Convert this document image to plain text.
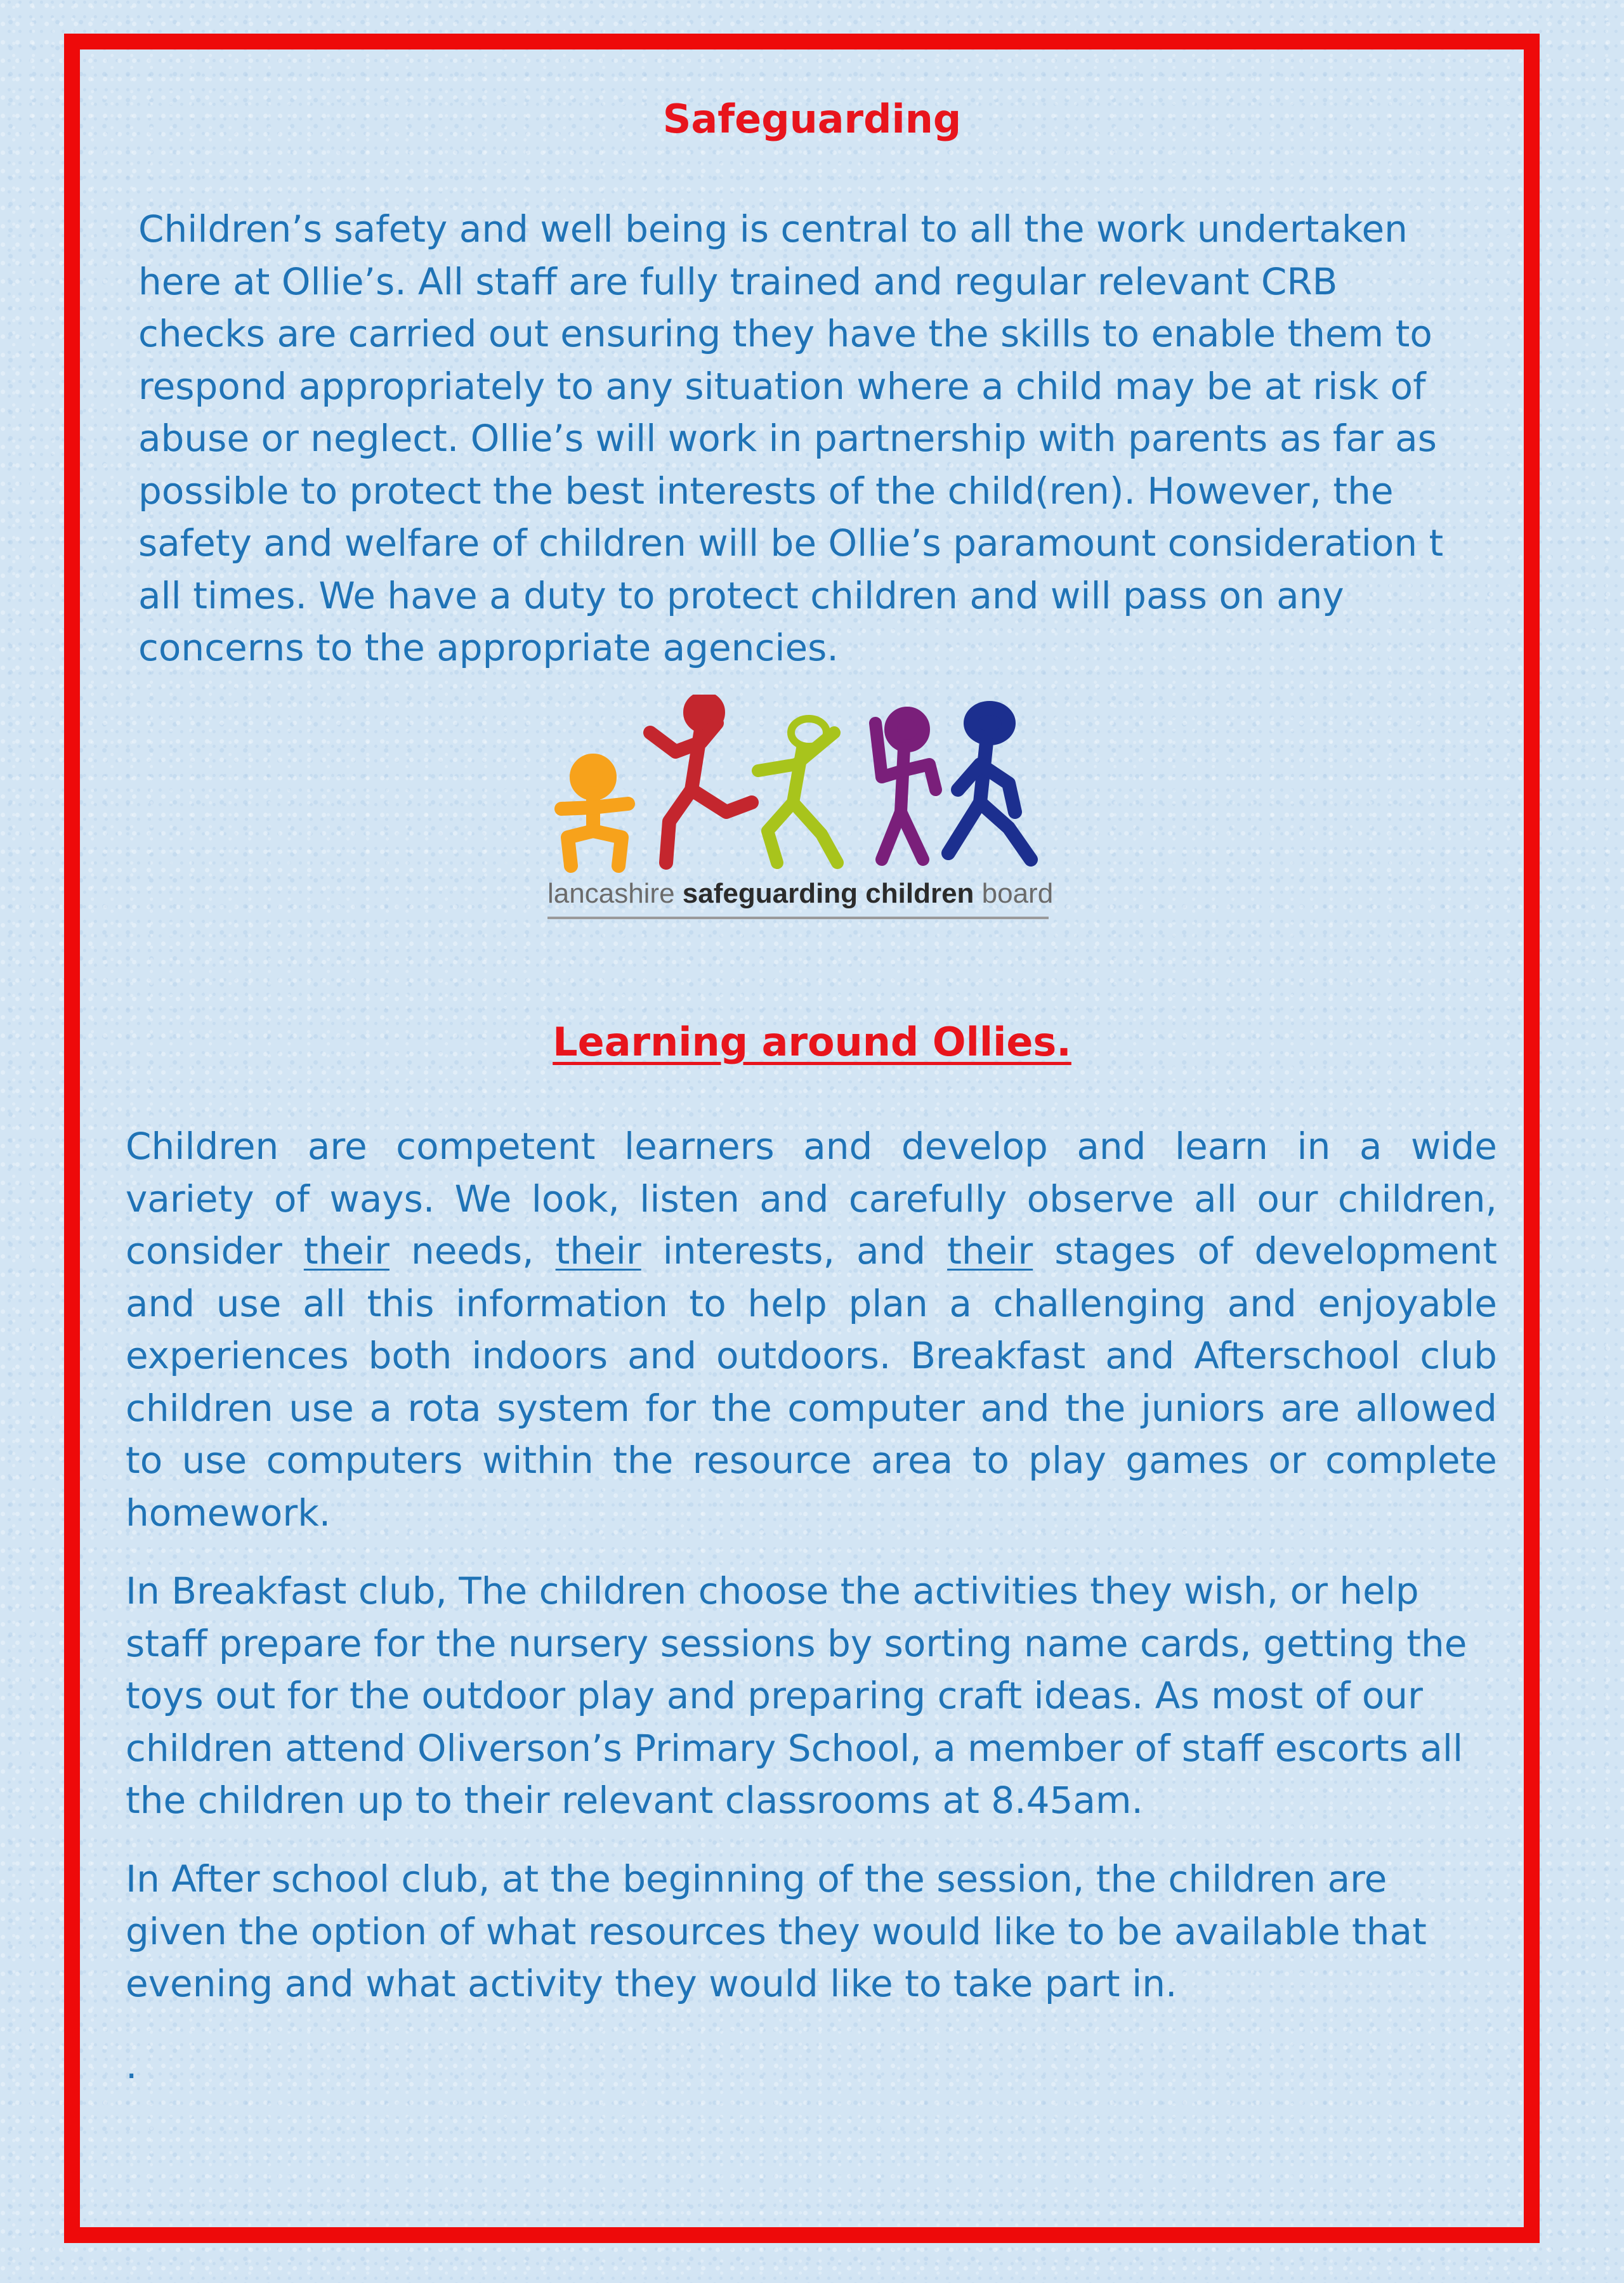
Safeguarding

Children’s safety and well being is central to all the work undertaken
here at Ollie’s. All staff are fully trained and regular relevant CRB
checks are carried out ensuring they have the skills to enable them to
respond appropriately to any situation where a child may be at risk of
abuse or neglect. Ollie’s will work in partnership with parents as far as
possible to protect the best interests of the child(ren). However, the
safety and welfare of children will be Ollie’s paramount consideration t
all times. We have a duty to protect children and will pass on any
concerns to the appropriate agencies.

lancashire safeguarding children board
Learning around Ollies.

Children are competent learners and develop and learn in a wide
variety of ways. We look, listen and carefully observe all our children,
consider their needs, their interests, and their stages of development
and use all this information to help plan a challenging and enjoyable
experiences both indoors and outdoors. Breakfast and Afterschool club
children use a rota system for the computer and the juniors are allowed
to use computers within the resource area to play games or complete
homework.

In Breakfast club, The children choose the activities they wish, or help
staff prepare for the nursery sessions by sorting name cards, getting the
toys out for the outdoor play and preparing craft ideas. As most of our
children attend Oliverson’s Primary School, a member of staff escorts all
the children up to their relevant classrooms at 8.45am.

In After school club, at the beginning of the session, the children are
given the option of what resources they would like to be available that
evening and what activity they would like to take part in.

.
